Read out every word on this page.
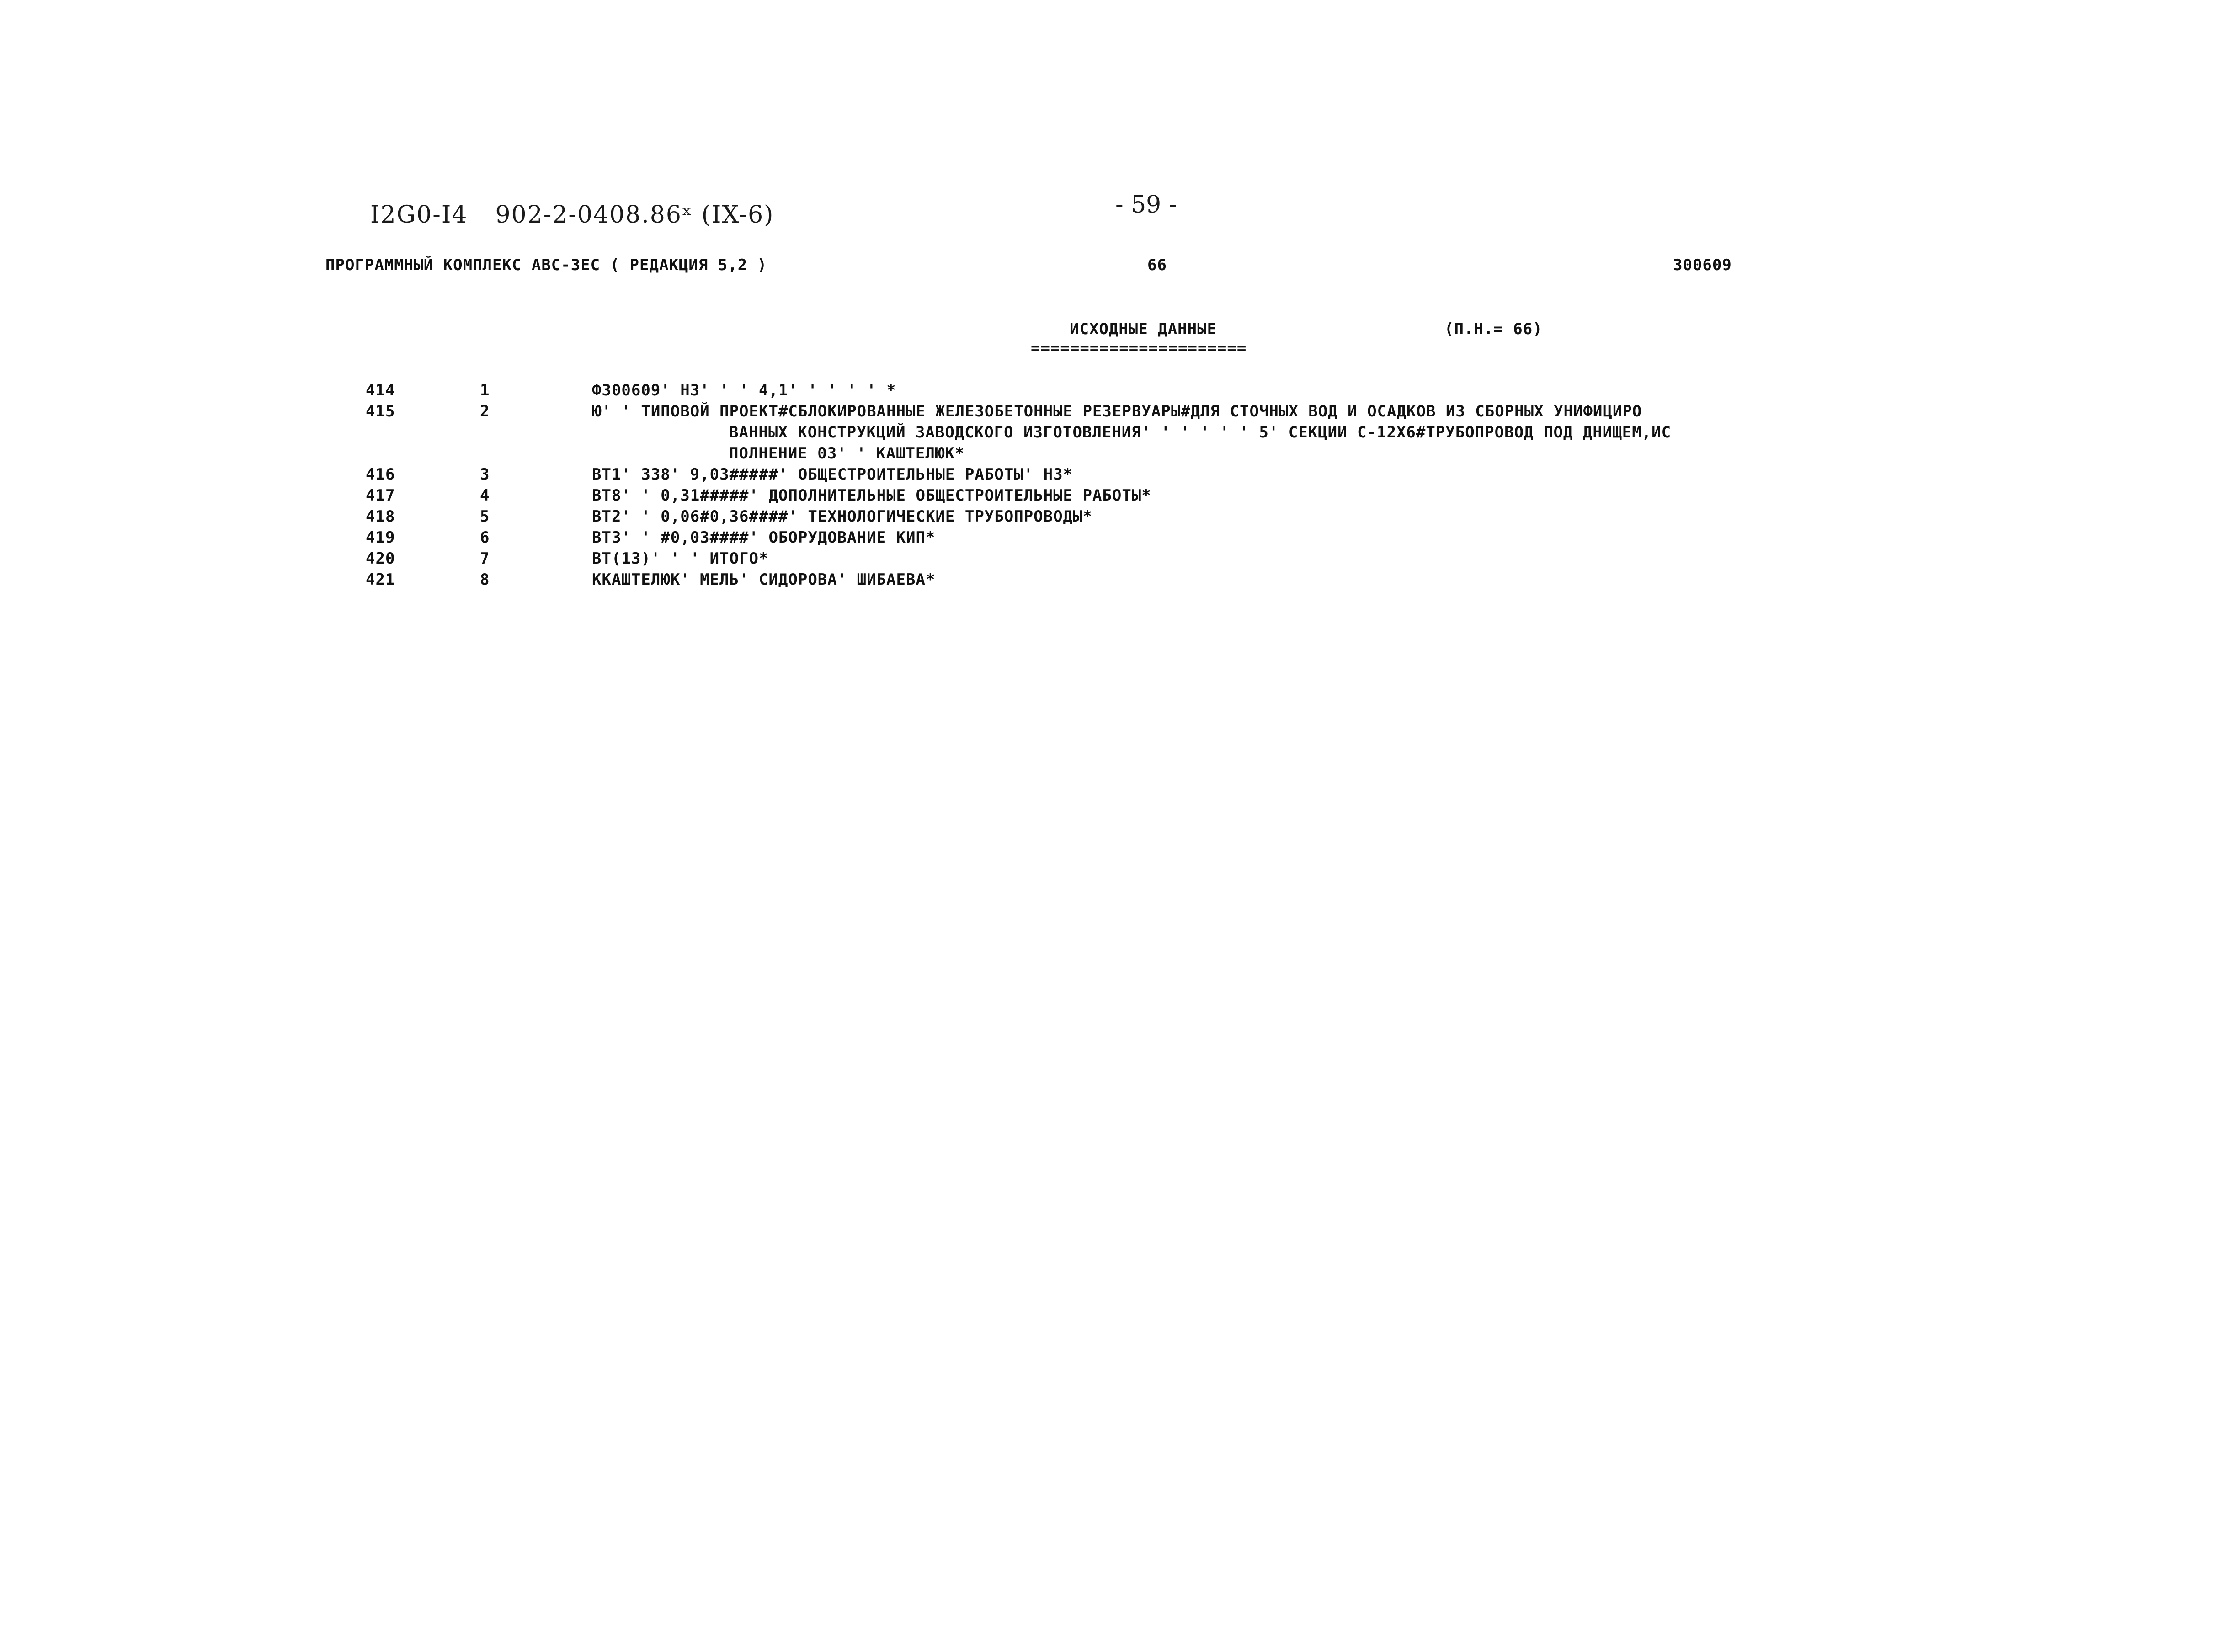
I2G0-I4 902-2-0408.86ˣ (IX-6)	- 59 -
ПРОГРАММНЫЙ КОМПЛЕКС АВС-3ЕС ( РЕДАКЦИЯ 5,2 )	66	300609
ИСХОДНЫЕ ДАННЫЕ	(П.Н.= 66)
======================
414	1	Ф300609' НЗ' ' ' 4,1' ' ' ' ' *
415	2	Ю' ' ТИПОВОЙ ПРОЕКТ#СБЛОКИРОВАННЫЕ ЖЕЛЕЗОБЕТОННЫЕ РЕЗЕРВУАРЫ#ДЛЯ СТОЧНЫХ ВОД И ОСАДКОВ ИЗ СБОРНЫХ УНИФИЦИРО
ВАННЫХ КОНСТРУКЦИЙ ЗАВОДСКОГО ИЗГОТОВЛЕНИЯ' ' ' ' ' ' 5' СЕКЦИИ С-12Х6#ТРУБОПРОВОД ПОД ДНИЩЕМ,ИС
ПОЛНЕНИЕ 03' ' КАШТЕЛЮК*
416	3	ВТ1' 338' 9,03#####' ОБЩЕСТРОИТЕЛЬНЫЕ РАБОТЫ' НЗ*
417	4	ВТ8' ' 0,31#####' ДОПОЛНИТЕЛЬНЫЕ ОБЩЕСТРОИТЕЛЬНЫЕ РАБОТЫ*
418	5	ВТ2' ' 0,06#0,36####' ТЕХНОЛОГИЧЕСКИЕ ТРУБОПРОВОДЫ*
419	6	ВТ3' ' #0,03####' ОБОРУДОВАНИЕ КИП*
420	7	ВТ(13)' ' ' ИТОГО*
421	8	ККАШТЕЛЮК' МЕЛЬ' СИДОРОВА' ШИБАЕВА*
